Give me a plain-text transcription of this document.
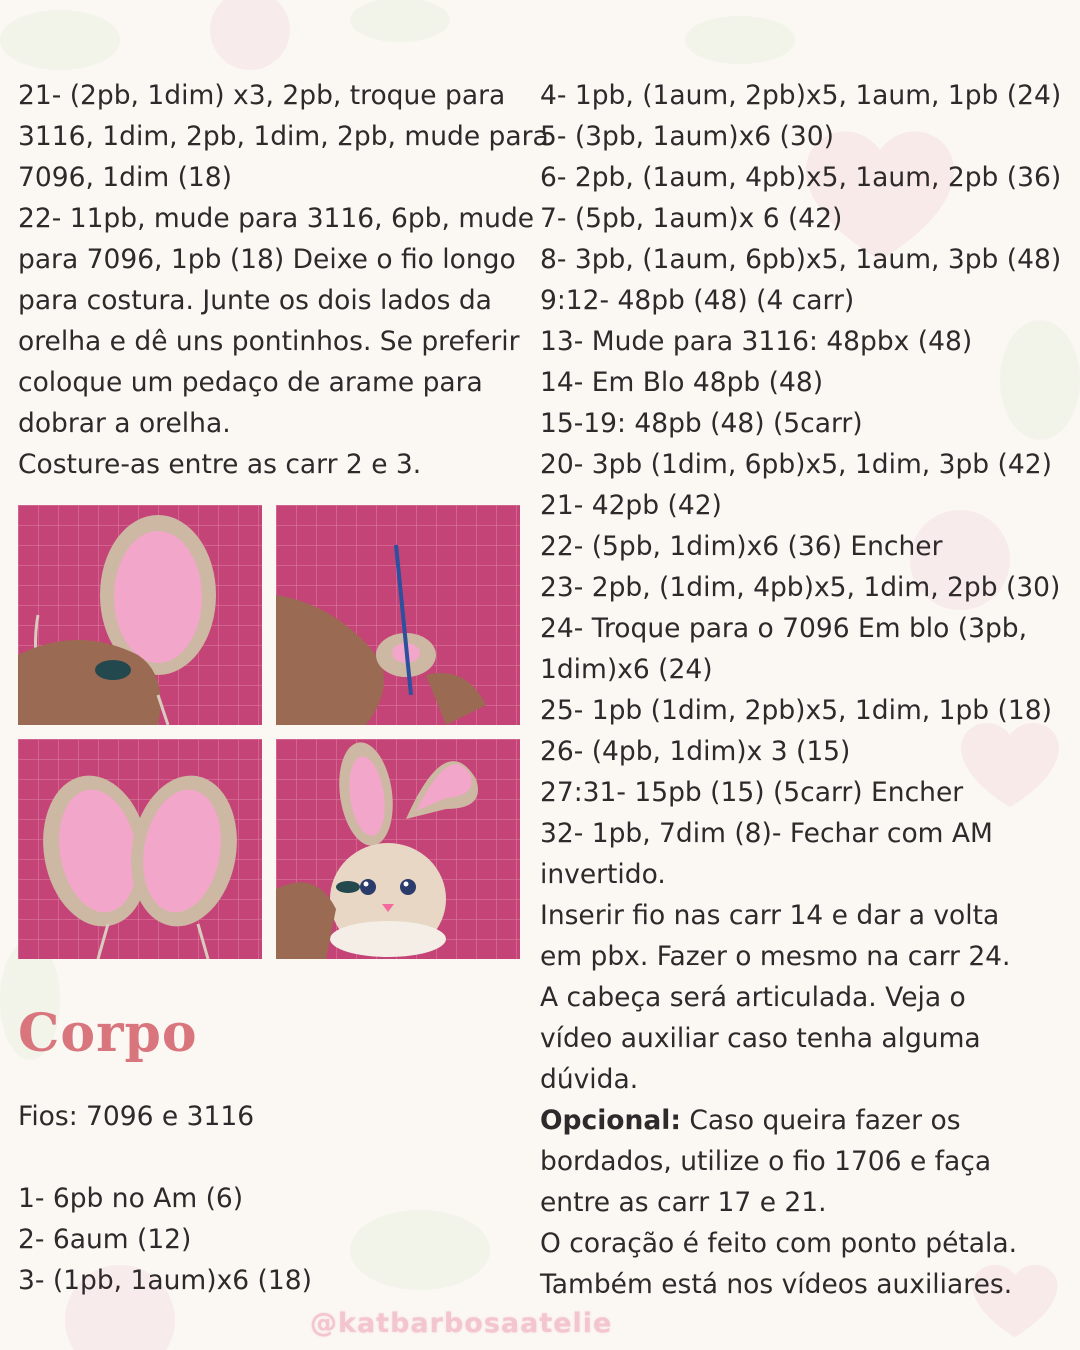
21- (2pb, 1dim) x3, 2pb, troque para
3116, 1dim, 2pb, 1dim, 2pb, mude para
7096, 1dim (18)
22- 11pb, mude para 3116, 6pb, mude
para 7096, 1pb (18) Deixe o fio longo
para costura. Junte os dois lados da
orelha e dê uns pontinhos. Se preferir
coloque um pedaço de arame para
dobrar a orelha.
Costure-as entre as carr 2 e 3.
Corpo
Fios: 7096 e 3116
1- 6pb no Am (6)
2- 6aum (12)
3- (1pb, 1aum)x6 (18)
4- 1pb, (1aum, 2pb)x5, 1aum, 1pb (24)
5- (3pb, 1aum)x6 (30)
6- 2pb, (1aum, 4pb)x5, 1aum, 2pb (36)
7- (5pb, 1aum)x 6 (42)
8- 3pb, (1aum, 6pb)x5, 1aum, 3pb (48)
9:12- 48pb (48) (4 carr)
13- Mude para 3116: 48pbx (48)
14- Em Blo 48pb (48)
15-19: 48pb (48) (5carr)
20- 3pb (1dim, 6pb)x5, 1dim, 3pb (42)
21- 42pb (42)
22- (5pb, 1dim)x6 (36) Encher
23- 2pb, (1dim, 4pb)x5, 1dim, 2pb (30)
24- Troque para o 7096 Em blo (3pb,
1dim)x6 (24)
25- 1pb (1dim, 2pb)x5, 1dim, 1pb (18)
26- (4pb, 1dim)x 3 (15)
27:31- 15pb (15) (5carr) Encher
32- 1pb, 7dim (8)- Fechar com AM
invertido.
Inserir fio nas carr 14 e dar a volta
em pbx. Fazer o mesmo na carr 24.
A cabeça será articulada. Veja o
vídeo auxiliar caso tenha alguma
dúvida.
Opcional: Caso queira fazer os
bordados, utilize o fio 1706 e faça
entre as carr 17 e 21.
O coração é feito com ponto pétala.
Também está nos vídeos auxiliares.
@katbarbosaatelie
